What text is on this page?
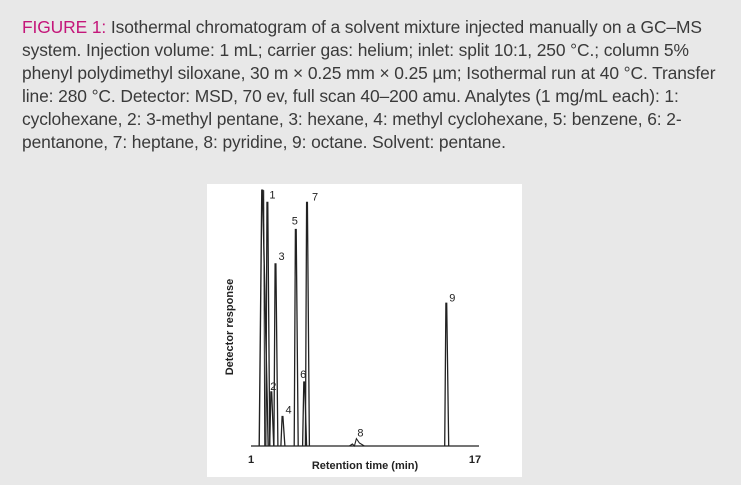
FIGURE 1: Isothermal chromatogram of a solvent mixture injected manually on a GC–MS system. Injection volume: 1 mL; carrier gas: helium; inlet: split 10:1, 250 °C.; column 5% phenyl polydimethyl siloxane, 30 m × 0.25 mm × 0.25 µm; Isothermal run at 40 °C. Transfer line: 280 °C. Detector: MSD, 70 ev, full scan 40–200 amu. Analytes (1 mg/mL each): 1: cyclohexane, 2: 3-methyl pentane, 3: hexane, 4: methyl cyclohexane, 5: benzene, 6: 2-pentanone, 7: heptane, 8: pyridine, 9: octane. Solvent: pentane.
1	17
Retention time (min)
Detector response
1
2
3
4
5
6
7
8
9
